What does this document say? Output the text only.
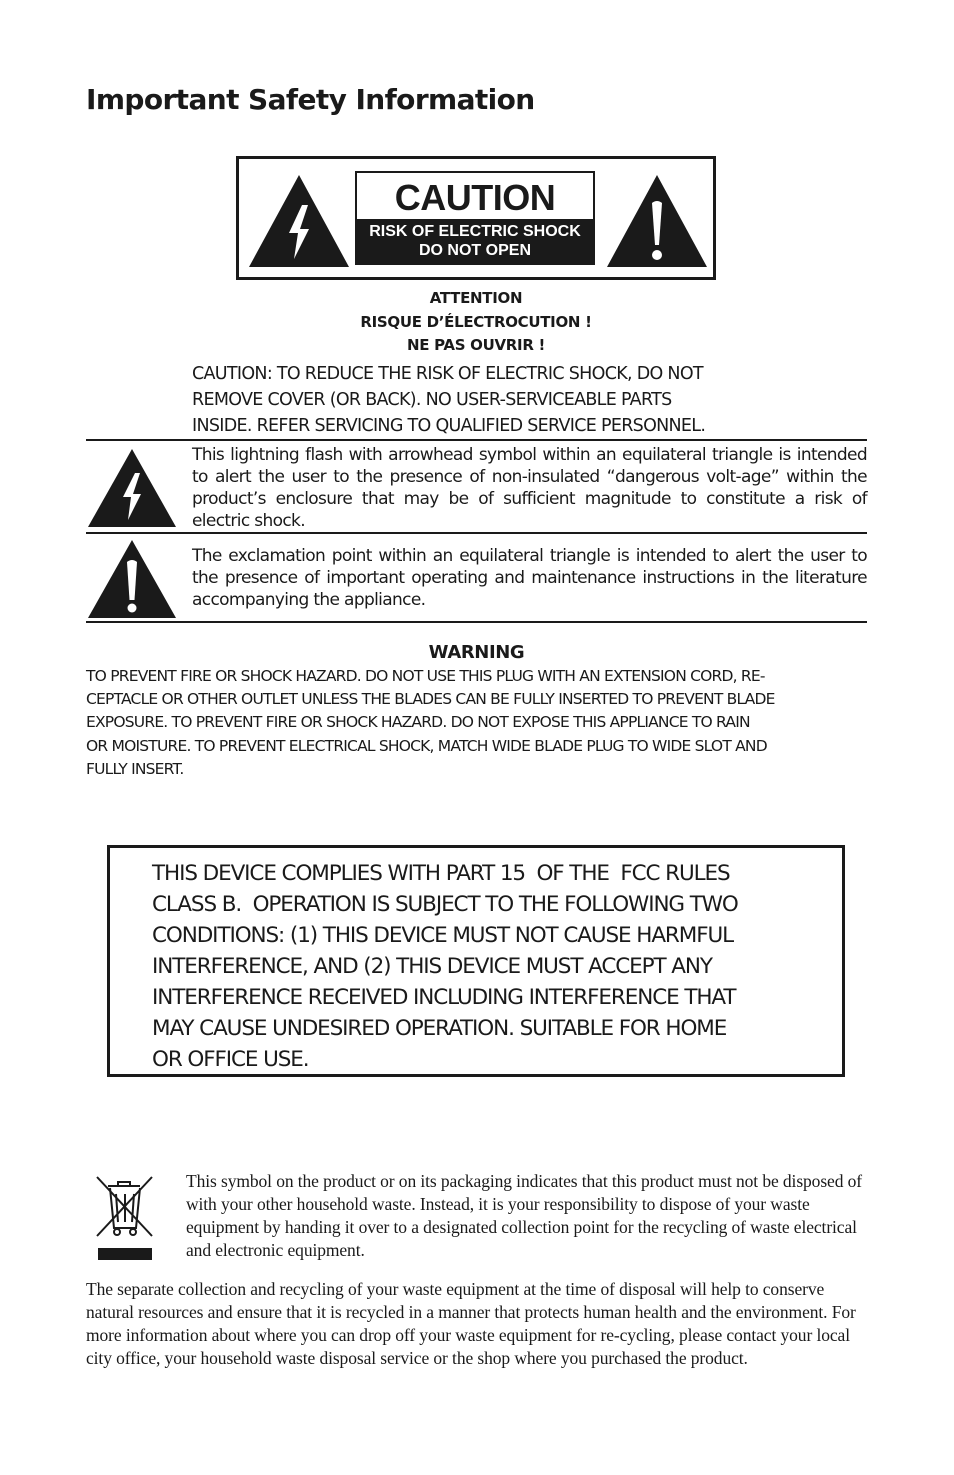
Important Safety Information
CAUTION
RISK OF ELECTRIC SHOCK
DO NOT OPEN
ATTENTION
RISQUE D’ÉLECTROCUTION !
NE PAS OUVRIR !
CAUTION: TO REDUCE THE RISK OF ELECTRIC SHOCK, DO NOT
REMOVE COVER (OR BACK). NO USER-SERVICEABLE PARTS
INSIDE. REFER SERVICING TO QUALIFIED SERVICE PERSONNEL.

This lightning flash with arrowhead symbol within an equilateral triangle is intended to alert the user to the presence of non-insulated “dangerous volt-age” within the product’s enclosure that may be of sufficient magnitude to constitute a risk of electric shock.

The exclamation point within an equilateral triangle is intended to alert the user to the presence of important operating and maintenance instructions in the literature accompanying the appliance.

WARNING
TO PREVENT FIRE OR SHOCK HAZARD. DO NOT USE THIS PLUG WITH AN EXTENSION CORD, RE-
CEPTACLE OR OTHER OUTLET UNLESS THE BLADES CAN BE FULLY INSERTED TO PREVENT BLADE
EXPOSURE. TO PREVENT FIRE OR SHOCK HAZARD. DO NOT EXPOSE THIS APPLIANCE TO RAIN
OR MOISTURE. TO PREVENT ELECTRICAL SHOCK, MATCH WIDE BLADE PLUG TO WIDE SLOT AND
FULLY INSERT.
THIS DEVICE COMPLIES WITH PART 15  OF THE  FCC RULES
CLASS B.  OPERATION IS SUBJECT TO THE FOLLOWING TWO
CONDITIONS: (1) THIS DEVICE MUST NOT CAUSE HARMFUL
INTERFERENCE, AND (2) THIS DEVICE MUST ACCEPT ANY
INTERFERENCE RECEIVED INCLUDING INTERFERENCE THAT
MAY CAUSE UNDESIRED OPERATION. SUITABLE FOR HOME
OR OFFICE USE.

This symbol on the product or on its packaging indicates that this product must not be disposed of with your other household waste. Instead, it is your responsibility to dispose of your waste equipment by handing it over to a designated collection point for the recycling of waste electrical and electronic equipment.

The separate collection and recycling of your waste equipment at the time of disposal will help to conserve natural resources and ensure that it is recycled in a manner that protects human health and the environment. For more information about where you can drop off your waste equipment for re-cycling, please contact your local city office, your household waste disposal service or the shop where you purchased the product.
